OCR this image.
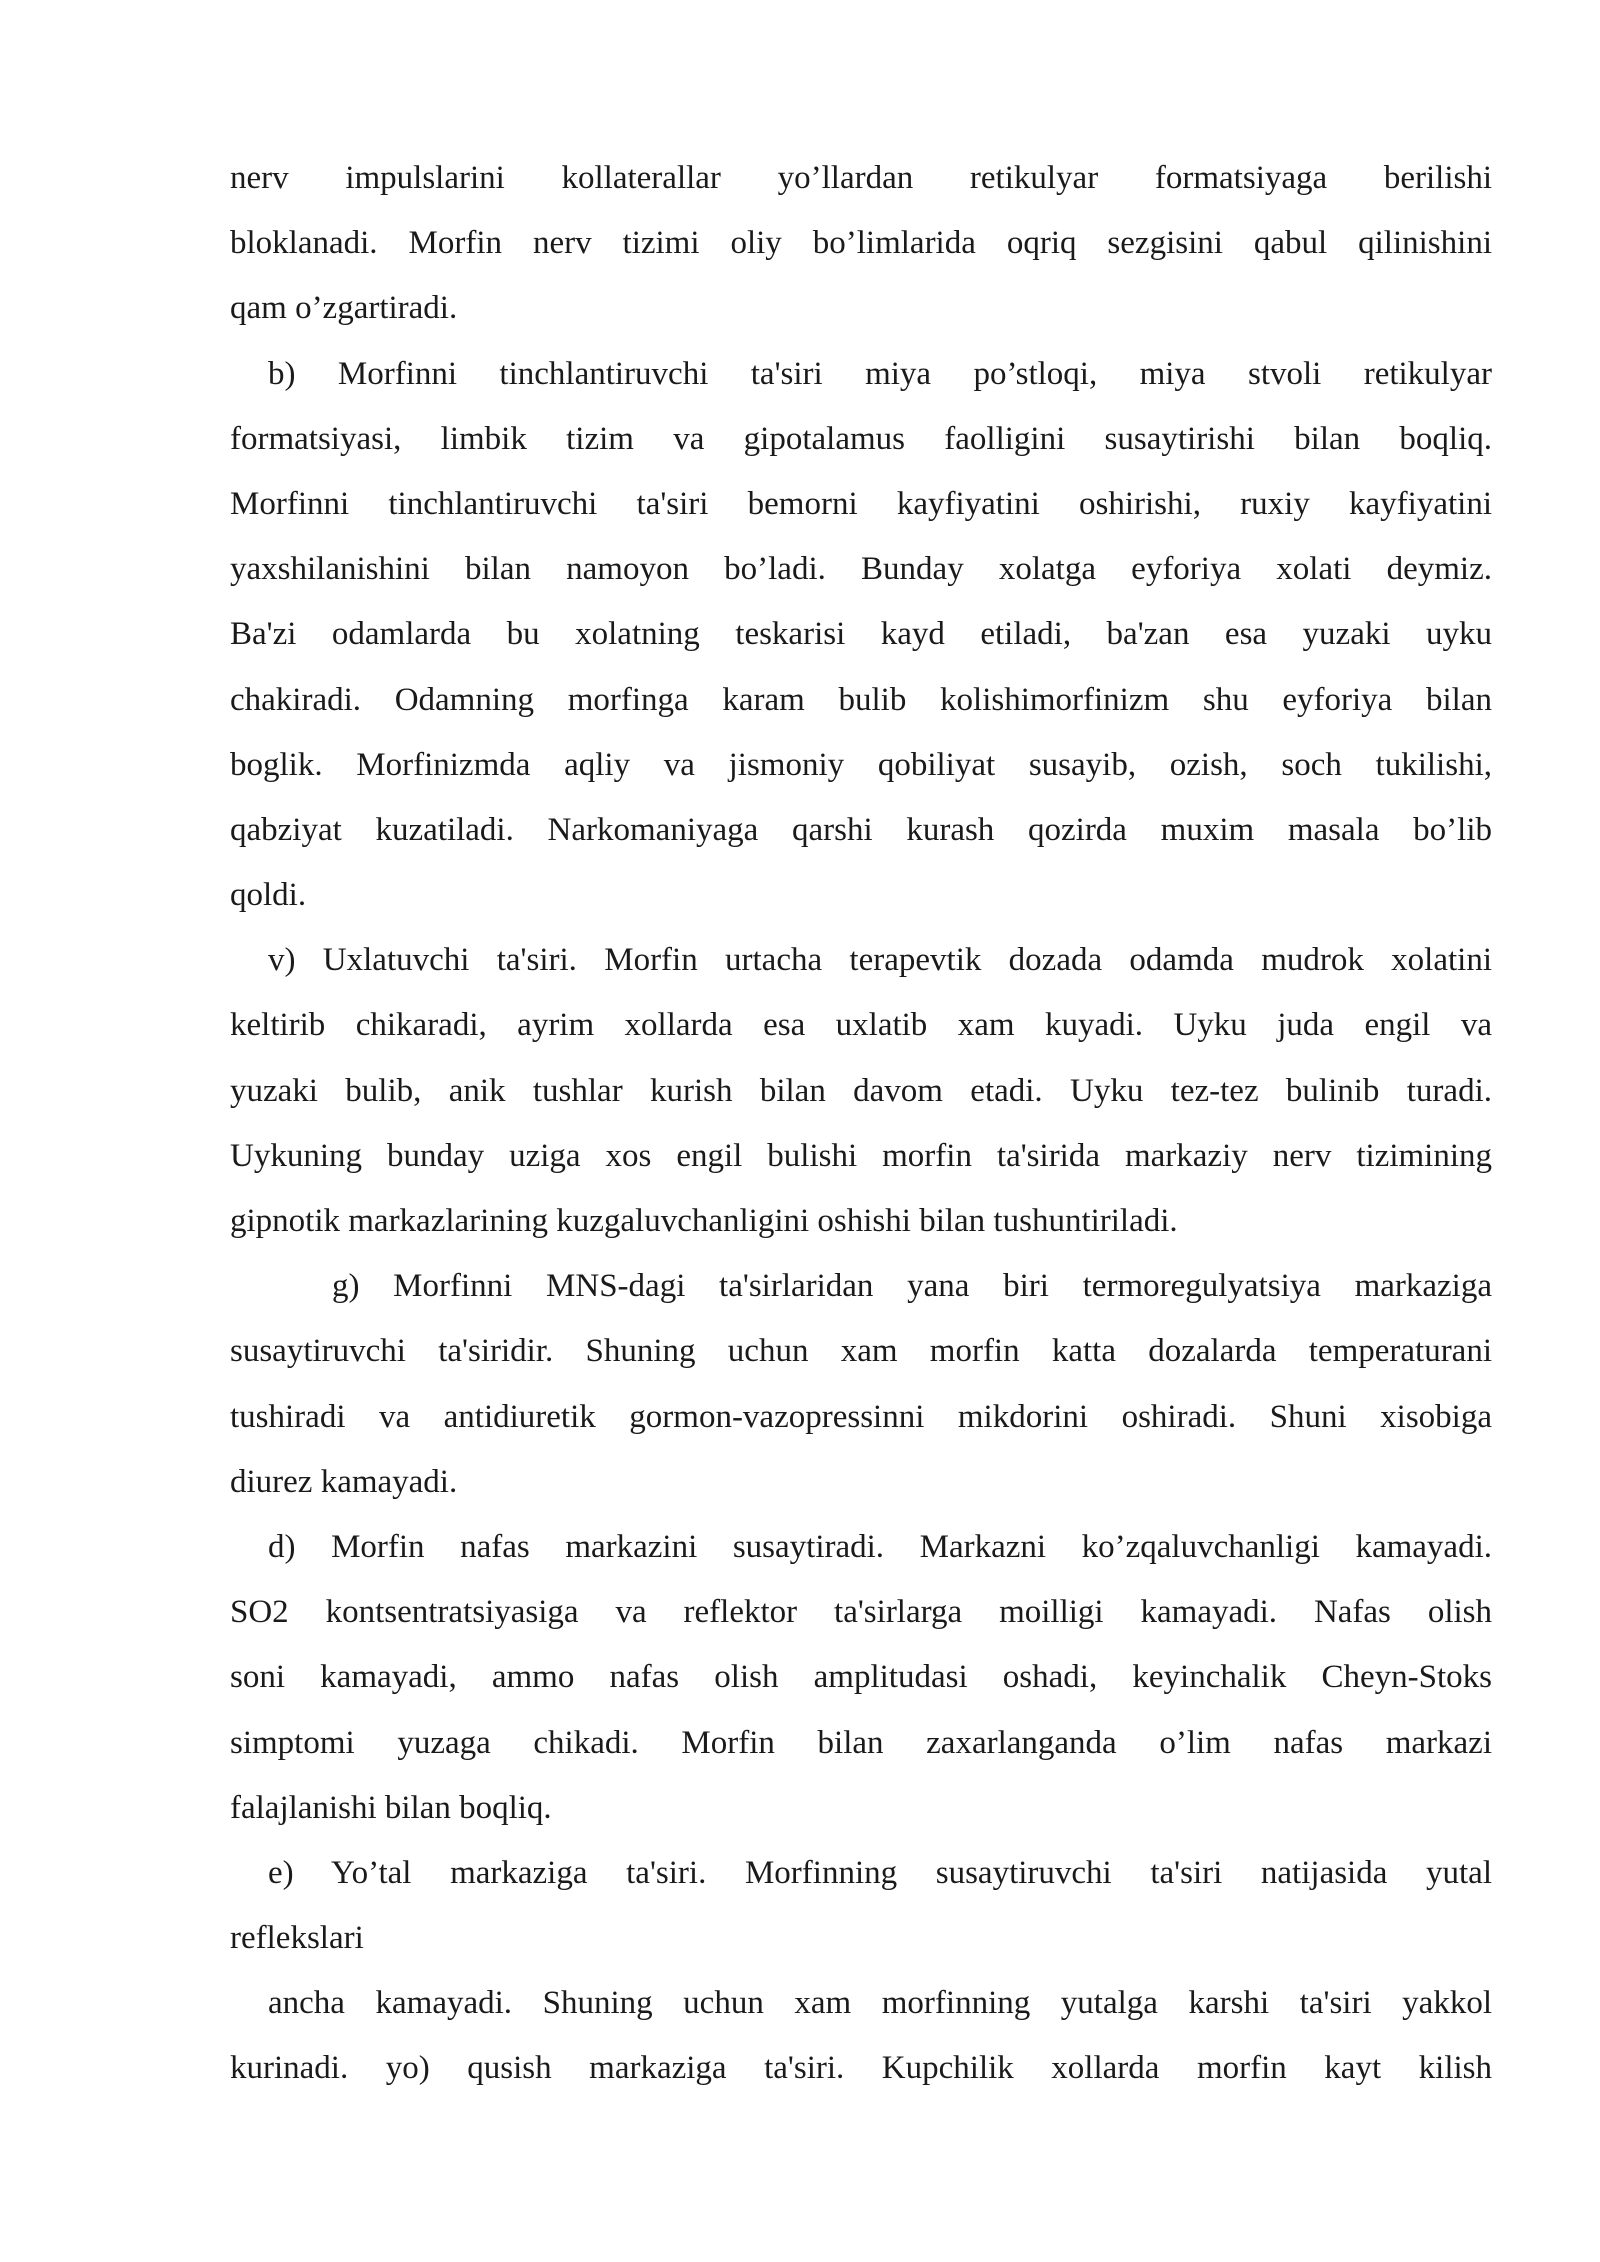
nerv impulslarini kollaterallar yo’llardan retikulyar formatsiyaga berilishi
bloklanadi. Morfin nerv tizimi oliy bo’limlarida oqriq sezgisini qabul qilinishini
qam o’zgartiradi.
b) Morfinni tinchlantiruvchi ta'siri miya po’stloqi, miya stvoli retikulyar
formatsiyasi, limbik tizim va gipotalamus faolligini susaytirishi bilan boqliq.
Morfinni tinchlantiruvchi ta'siri bemorni kayfiyatini oshirishi, ruxiy kayfiyatini
yaxshilanishini bilan namoyon bo’ladi. Bunday xolatga eyforiya xolati deymiz.
Ba'zi odamlarda bu xolatning teskarisi kayd etiladi, ba'zan esa yuzaki uyku
chakiradi. Odamning morfinga karam bulib kolishimorfinizm shu eyforiya bilan
boglik. Morfinizmda aqliy va jismoniy qobiliyat susayib, ozish, soch tukilishi,
qabziyat kuzatiladi. Narkomaniyaga qarshi kurash qozirda muxim masala bo’lib
qoldi.
v) Uxlatuvchi ta'siri. Morfin urtacha terapevtik dozada odamda mudrok xolatini
keltirib chikaradi, ayrim xollarda esa uxlatib xam kuyadi. Uyku juda engil va
yuzaki bulib, anik tushlar kurish bilan davom etadi. Uyku tez-tez bulinib turadi.
Uykuning bunday uziga xos engil bulishi morfin ta'sirida markaziy nerv tizimining
gipnotik markazlarining kuzgaluvchanligini oshishi bilan tushuntiriladi.
g) Morfinni MNS-dagi ta'sirlaridan yana biri termoregulyatsiya markaziga
susaytiruvchi ta'siridir. Shuning uchun xam morfin katta dozalarda temperaturani
tushiradi va antidiuretik gormon-vazopressinni mikdorini oshiradi. Shuni xisobiga
diurez kamayadi.
d) Morfin nafas markazini susaytiradi. Markazni ko’zqaluvchanligi kamayadi.
SO2 kontsentratsiyasiga va reflektor ta'sirlarga moilligi kamayadi. Nafas olish
soni kamayadi, ammo nafas olish amplitudasi oshadi, keyinchalik Cheyn-Stoks
simptomi yuzaga chikadi. Morfin bilan zaxarlanganda o’lim nafas markazi
falajlanishi bilan boqliq.
e) Yo’tal markaziga ta'siri. Morfinning susaytiruvchi ta'siri natijasida yutal
reflekslari
ancha kamayadi. Shuning uchun xam morfinning yutalga karshi ta'siri yakkol
kurinadi. yo) qusish markaziga ta'siri. Kupchilik xollarda morfin kayt kilish
